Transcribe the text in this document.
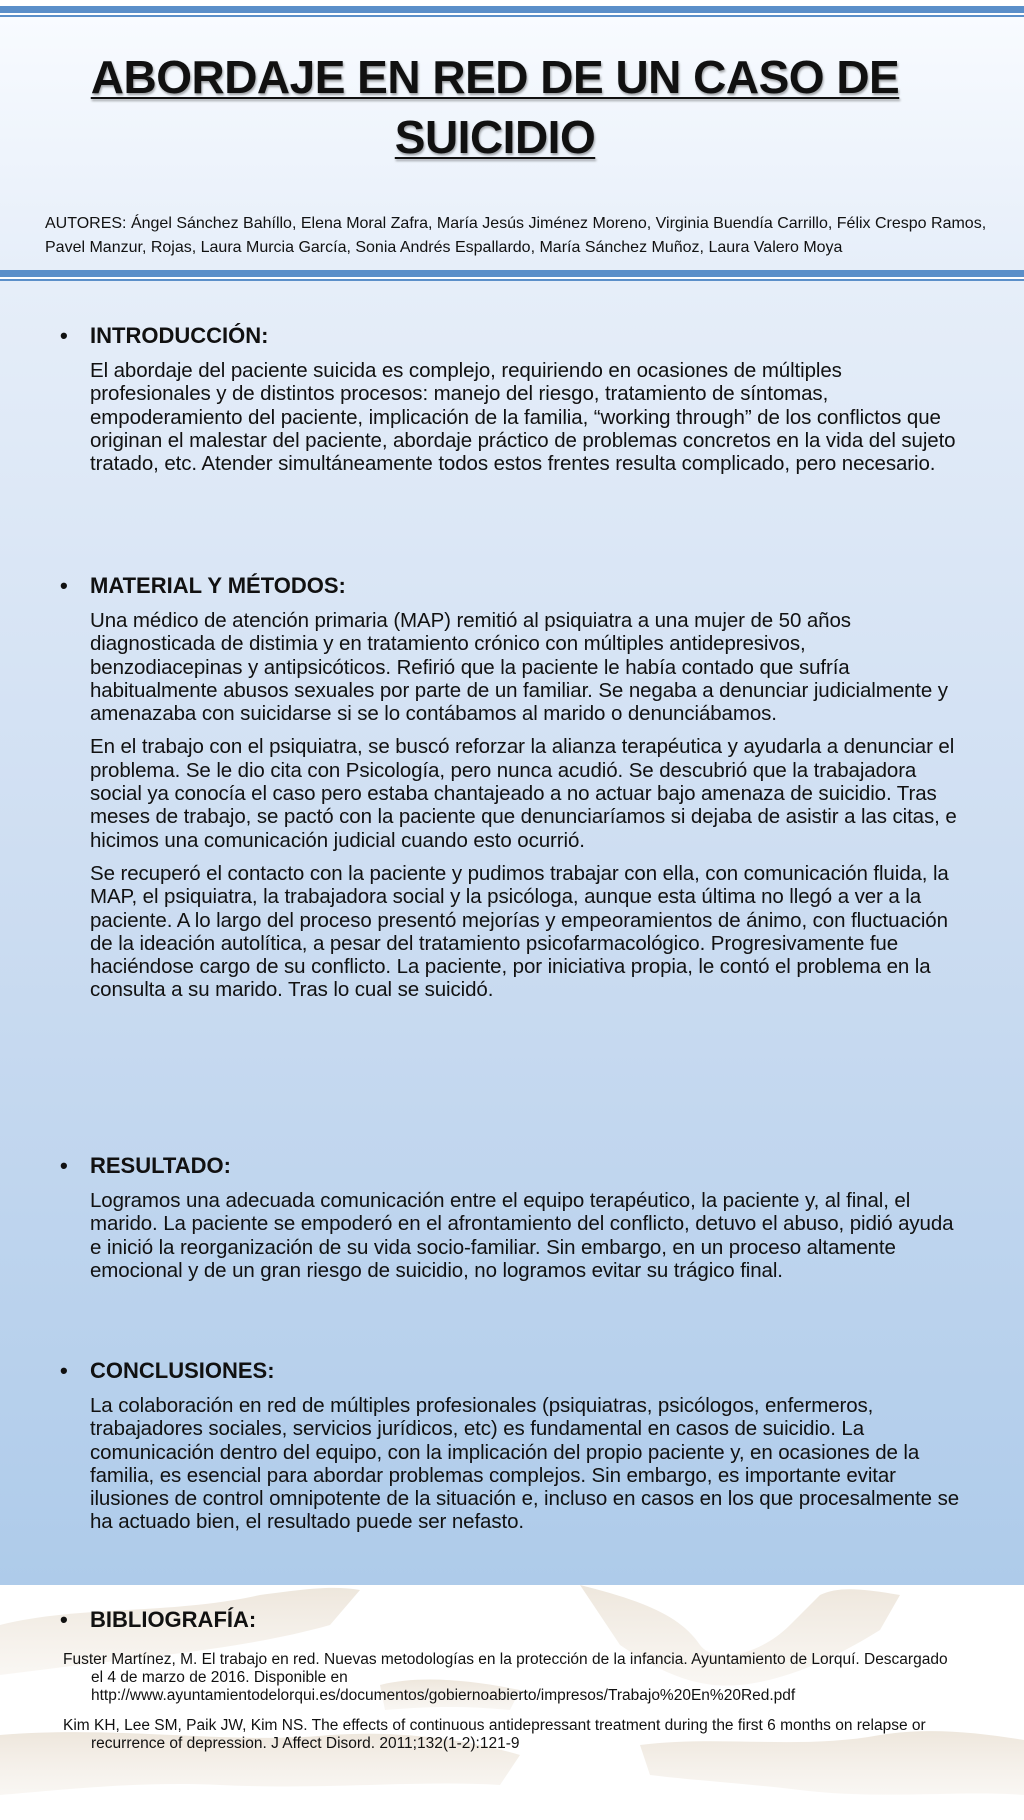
ABORDAJE EN RED DE UN CASO DE SUICIDIO

AUTORES: Ángel Sánchez Bahíllo, Elena Moral Zafra, María Jesús Jiménez Moreno, Virginia Buendía Carrillo, Félix Crespo Ramos, Pavel Manzur, Rojas, Laura Murcia García, Sonia Andrés Espallardo, María Sánchez Muñoz, Laura Valero Moya

•	INTRODUCCIÓN:

El abordaje del paciente suicida es complejo, requiriendo en ocasiones de múltiples profesionales y de distintos procesos: manejo del riesgo, tratamiento de síntomas, empoderamiento del paciente, implicación de la familia, “working through” de los conflictos que originan el malestar del paciente, abordaje práctico de problemas concretos en la vida del sujeto tratado, etc. Atender simultáneamente todos estos frentes resulta complicado, pero necesario.

•	MATERIAL Y MÉTODOS:

Una médico de atención primaria (MAP) remitió al psiquiatra a una mujer de 50 años diagnosticada de distimia y en tratamiento crónico con múltiples antidepresivos, benzodiacepinas y antipsicóticos. Refirió que la paciente le había contado que sufría habitualmente abusos sexuales por parte de un familiar. Se negaba a denunciar judicialmente y amenazaba con suicidarse si se lo contábamos al marido o denunciábamos.

En el trabajo con el psiquiatra, se buscó reforzar la alianza terapéutica y ayudarla a denunciar el problema. Se le dio cita con Psicología, pero nunca acudió. Se descubrió que la trabajadora social ya conocía el caso pero estaba chantajeado a no actuar bajo amenaza de suicidio. Tras meses de trabajo, se pactó con la paciente que denunciaríamos si dejaba de asistir a las citas, e hicimos una comunicación judicial cuando esto ocurrió.

Se recuperó el contacto con la paciente y pudimos trabajar con ella, con comunicación fluida, la MAP, el psiquiatra, la trabajadora social y la psicóloga, aunque esta última no llegó a ver a la paciente. A lo largo del proceso presentó mejorías y empeoramientos de ánimo, con fluctuación de la ideación autolítica, a pesar del tratamiento psicofarmacológico. Progresivamente fue haciéndose cargo de su conflicto. La paciente, por iniciativa propia, le contó el problema en la consulta a su marido. Tras lo cual se suicidó.

•	RESULTADO:

Logramos una adecuada comunicación entre el equipo terapéutico, la paciente y, al final, el marido. La paciente se empoderó en el afrontamiento del conflicto, detuvo el abuso, pidió ayuda e inició la reorganización de su vida socio-familiar. Sin embargo, en un proceso altamente emocional y de un gran riesgo de suicidio, no logramos evitar su trágico final.

•	CONCLUSIONES:

La colaboración en red de múltiples profesionales (psiquiatras, psicólogos, enfermeros, trabajadores sociales, servicios jurídicos, etc) es fundamental en casos de suicidio. La comunicación dentro del equipo, con la implicación del propio paciente y, en ocasiones de la familia, es esencial para abordar problemas complejos. Sin embargo, es importante evitar ilusiones de control omnipotente de la situación e, incluso en casos en los que procesalmente se ha actuado bien, el resultado puede ser nefasto.

•	BIBLIOGRAFÍA:

Fuster Martínez, M. El trabajo en red. Nuevas metodologías en la protección de la infancia. Ayuntamiento de Lorquí. Descargado el 4 de marzo de 2016. Disponible en http://www.ayuntamientodelorqui.es/documentos/gobiernoabierto/impresos/Trabajo%20En%20Red.pdf

Kim KH, Lee SM, Paik JW, Kim NS. The effects of continuous antidepressant treatment during the first 6 months on relapse or recurrence of depression. J Affect Disord. 2011;132(1-2):121-9
